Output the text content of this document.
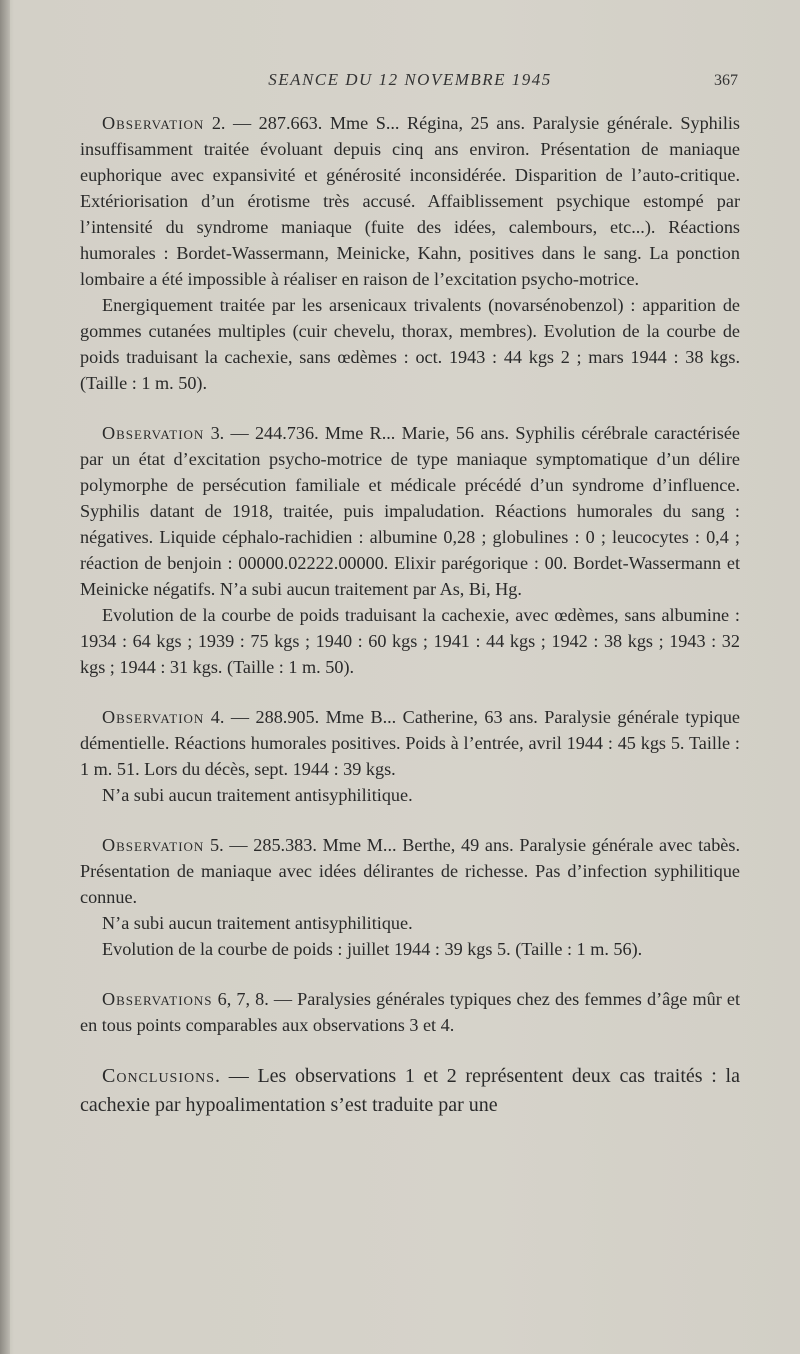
SEANCE DU 12 NOVEMBRE 1945	367

Observation 2. — 287.663. Mme S... Régina, 25 ans. Paralysie générale. Syphilis insuffisamment traitée évoluant depuis cinq ans environ. Présentation de maniaque euphorique avec expansivité et générosité inconsidérée. Disparition de l’auto-critique. Extériorisation d’un érotisme très accusé. Affaiblissement psychique estompé par l’intensité du syndrome maniaque (fuite des idées, calembours, etc...). Réactions humorales : Bordet-Wassermann, Meinicke, Kahn, positives dans le sang. La ponction lombaire a été impossible à réaliser en raison de l’excitation psycho-motrice.

Energiquement traitée par les arsenicaux trivalents (novarsénobenzol) : apparition de gommes cutanées multiples (cuir chevelu, thorax, membres). Evolution de la courbe de poids traduisant la cachexie, sans œdèmes : oct. 1943 : 44 kgs 2 ; mars 1944 : 38 kgs. (Taille : 1 m. 50).

Observation 3. — 244.736. Mme R... Marie, 56 ans. Syphilis cérébrale caractérisée par un état d’excitation psycho-motrice de type maniaque symptomatique d’un délire polymorphe de persécution familiale et médicale précédé d’un syndrome d’influence. Syphilis datant de 1918, traitée, puis impaludation. Réactions humorales du sang : négatives. Liquide céphalo-rachidien : albumine 0,28 ; globulines : 0 ; leucocytes : 0,4 ; réaction de benjoin : 00000.02222.00000. Elixir parégorique : 00. Bordet-Wassermann et Meinicke négatifs. N’a subi aucun traitement par As, Bi, Hg.

Evolution de la courbe de poids traduisant la cachexie, avec œdèmes, sans albumine : 1934 : 64 kgs ; 1939 : 75 kgs ; 1940 : 60 kgs ; 1941 : 44 kgs ; 1942 : 38 kgs ; 1943 : 32 kgs ; 1944 : 31 kgs. (Taille : 1 m. 50).

Observation 4. — 288.905. Mme B... Catherine, 63 ans. Paralysie générale typique démentielle. Réactions humorales positives. Poids à l’entrée, avril 1944 : 45 kgs 5. Taille : 1 m. 51. Lors du décès, sept. 1944 : 39 kgs.

N’a subi aucun traitement antisyphilitique.

Observation 5. — 285.383. Mme M... Berthe, 49 ans. Paralysie générale avec tabès. Présentation de maniaque avec idées délirantes de richesse. Pas d’infection syphilitique connue.

N’a subi aucun traitement antisyphilitique.

Evolution de la courbe de poids : juillet 1944 : 39 kgs 5. (Taille : 1 m. 56).

Observations 6, 7, 8. — Paralysies générales typiques chez des femmes d’âge mûr et en tous points comparables aux observations 3 et 4.

Conclusions. — Les observations 1 et 2 représentent deux cas traités : la cachexie par hypoalimentation s’est traduite par une
